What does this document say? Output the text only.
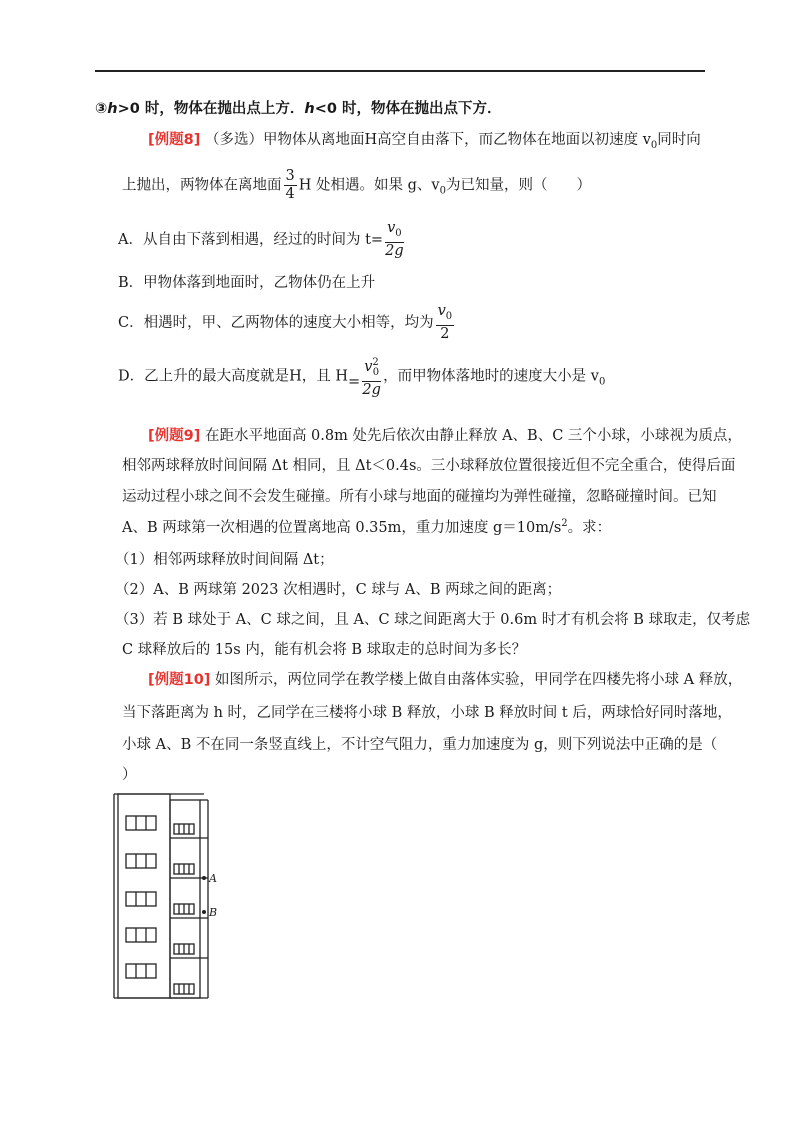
③h>0 时，物体在抛出点上方．h<0 时，物体在抛出点下方．
[例题8] （多选）甲物体从离地面H高空自由落下，而乙物体在地面以初速度 $v_0$同时向
上抛出，两物体在离地面 $\frac{3}{4}$ H 处相遇。如果 g、$v_0$为已知量，则（　　）
A．从自由下落到相遇，经过的时间为 $t= \frac{v_0}{2g}$
B．甲物体落到地面时，乙物体仍在上升
C．相遇时，甲、乙两物体的速度大小相等，均为 $\frac{v_0}{2}$
D．乙上升的最大高度就是H，且 $H= \frac{v^2_0}{2g}$ ，而甲物体落地时的速度大小是 $v_0$
[例题9] 在距水平地面高 0.8m 处先后依次由静止释放 A、B、C 三个小球，小球视为质点，
相邻两球释放时间间隔 Δt 相同，且 Δt＜0.4s。三小球释放位置很接近但不完全重合，使得后面
运动过程小球之间不会发生碰撞。所有小球与地面的碰撞均为弹性碰撞，忽略碰撞时间。已知
A、B 两球第一次相遇的位置离地高 0.35m，重力加速度 $g=10m/s^2$。求：
（1）相邻两球释放时间间隔 Δt；
（2）A、B 两球第 2023 次相遇时，C 球与 A、B 两球之间的距离；
（3）若 B 球处于 A、C 球之间，且 A、C 球之间距离大于 0.6m 时才有机会将 B 球取走，仅考虑
C 球释放后的 15s 内，能有机会将 B 球取走的总时间为多长？
[例题10] 如图所示，两位同学在教学楼上做自由落体实验，甲同学在四楼先将小球 A 释放，
当下落距离为 h 时，乙同学在三楼将小球 B 释放，小球 B 释放时间 t 后，两球恰好同时落地，
小球 A、B 不在同一条竖直线上，不计空气阻力，重力加速度为 g，则下列说法中正确的是（
）
A
B
